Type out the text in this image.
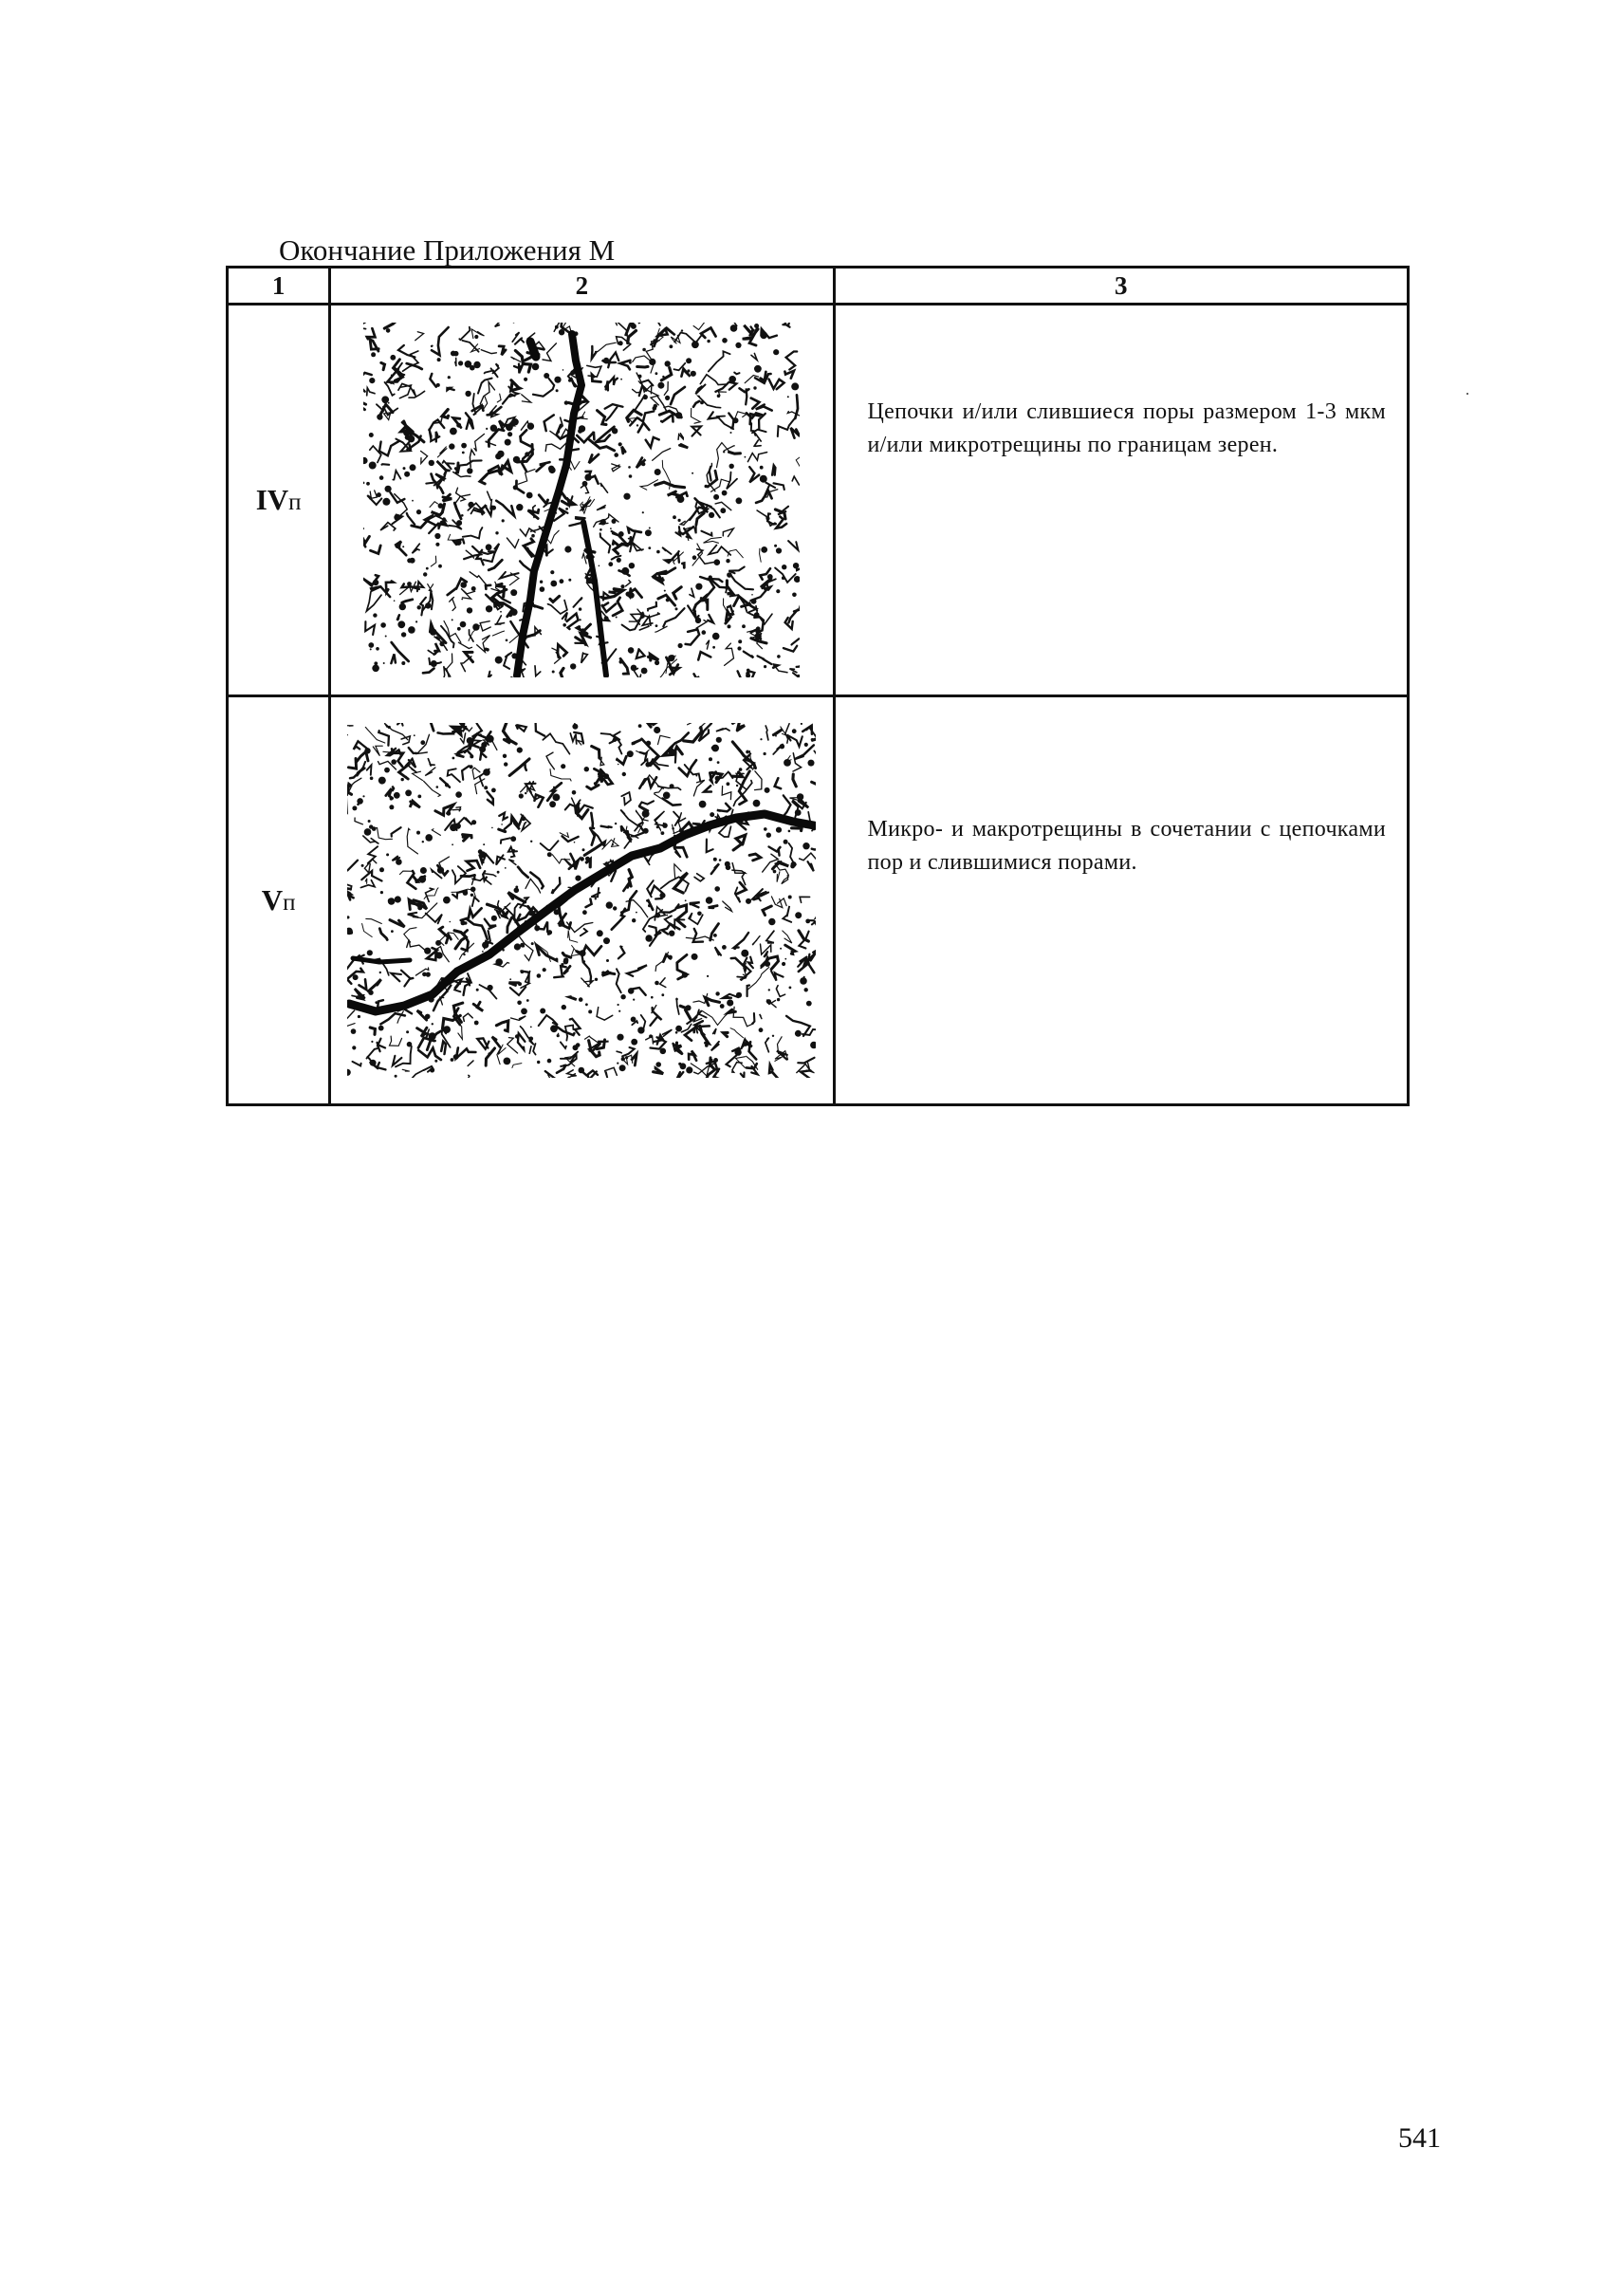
Окончание Приложения М
1	2	3
IVп		Цепочки и/или слившиеся поры размером 1-3 мкм и/или микротрещины по границам зерен.

Vп		Микро- и макротрещины в сочетании с цепочками пор и слившимися порами.
541
